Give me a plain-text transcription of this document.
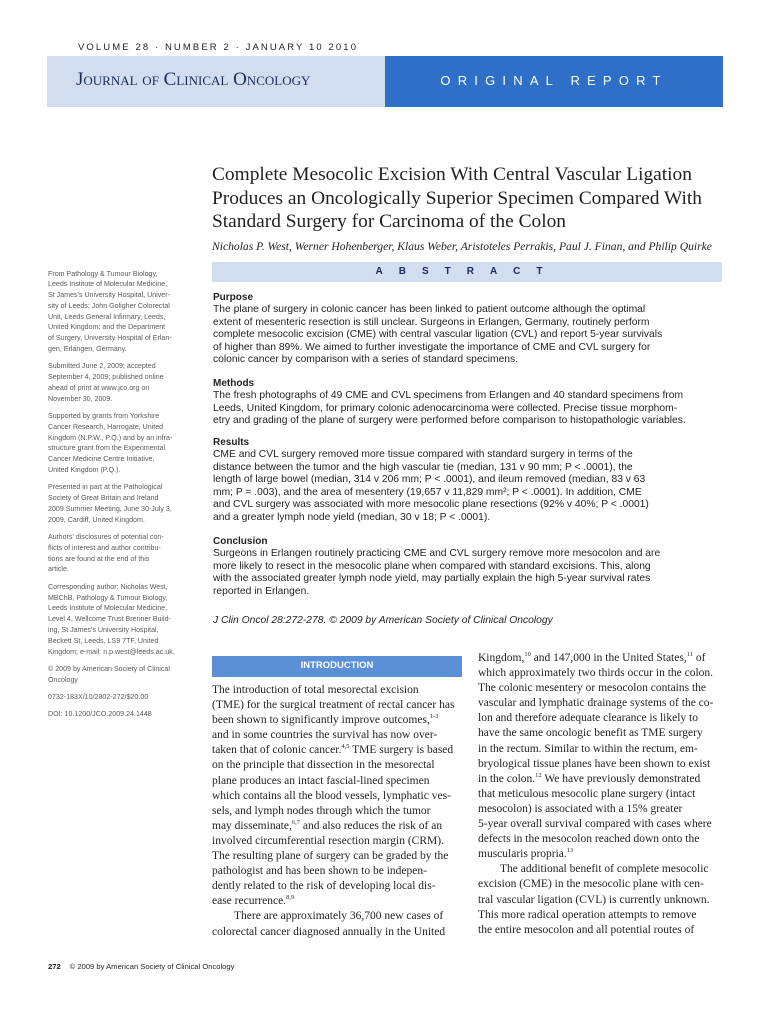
VOLUME 28 · NUMBER 2 · JANUARY 10 2010
Journal of Clinical Oncology	ORIGINAL REPORT
Complete Mesocolic Excision With Central Vascular Ligation
Produces an Oncologically Superior Specimen Compared With
Standard Surgery for Carcinoma of the Colon
Nicholas P. West, Werner Hohenberger, Klaus Weber, Aristoteles Perrakis, Paul J. Finan, and Philip Quirke

From Pathology & Tumour Biology,
Leeds Institute of Molecular Medicine,
St James's University Hospital, Univer-
sity of Leeds; John Goligher Colorectal
Unit, Leeds General Infirmary, Leeds,
United Kingdom; and the Department
of Surgery, University Hospital of Erlan-
gen, Erlangen, Germany.

Submitted June 2, 2009; accepted
September 4, 2009; published online
ahead of print at www.jco.org on
November 30, 2009.

Supported by grants from Yorkshire
Cancer Research, Harrogate, United
Kingdom (N.P.W., P.Q.) and by an infra-
structure grant from the Experimental
Cancer Medicine Centre Initiative,
United Kingdom (P.Q.).

Presented in part at the Pathological
Society of Great Britain and Ireland
2009 Summer Meeting, June 30-July 3,
2009, Cardiff, United Kingdom.

Authors' disclosures of potential con-
flicts of interest and author contribu-
tions are found at the end of this
article.

Corresponding author: Nicholas West,
MBChB, Pathology & Tumour Biology,
Leeds Institute of Molecular Medicine,
Level 4, Wellcome Trust Brenner Build-
ing, St James's University Hospital,
Beckett St, Leeds, LS9 7TF, United
Kingdom; e-mail: n.p.west@leeds.ac.uk.

© 2009 by American Society of Clinical
Oncology

0732-183X/10/2802-272/$20.00

DOI: 10.1200/JCO.2009.24.1448

ABSTRACT
Purpose
The plane of surgery in colonic cancer has been linked to patient outcome although the optimal
extent of mesenteric resection is still unclear. Surgeons in Erlangen, Germany, routinely perform
complete mesocolic excision (CME) with central vascular ligation (CVL) and report 5-year survivals
of higher than 89%. We aimed to further investigate the importance of CME and CVL surgery for
colonic cancer by comparison with a series of standard specimens.
Methods
The fresh photographs of 49 CME and CVL specimens from Erlangen and 40 standard specimens from
Leeds, United Kingdom, for primary colonic adenocarcinoma were collected. Precise tissue morphom-
etry and grading of the plane of surgery were performed before comparison to histopathologic variables.
Results
CME and CVL surgery removed more tissue compared with standard surgery in terms of the
distance between the tumor and the high vascular tie (median, 131 v 90 mm; P < .0001), the
length of large bowel (median, 314 v 206 mm; P < .0001), and ileum removed (median, 83 v 63
mm; P = .003), and the area of mesentery (19,657 v 11,829 mm²; P < .0001). In addition, CME
and CVL surgery was associated with more mesocolic plane resections (92% v 40%; P < .0001)
and a greater lymph node yield (median, 30 v 18; P < .0001).
Conclusion
Surgeons in Erlangen routinely practicing CME and CVL surgery remove more mesocolon and are
more likely to resect in the mesocolic plane when compared with standard excisions. This, along
with the associated greater lymph node yield, may partially explain the high 5-year survival rates
reported in Erlangen.
J Clin Oncol 28:272-278. © 2009 by American Society of Clinical Oncology
INTRODUCTION
The introduction of total mesorectal excision
(TME) for the surgical treatment of rectal cancer has
been shown to significantly improve outcomes,$^{1-3}$
and in some countries the survival has now over-
taken that of colonic cancer.$^{4,5}$ TME surgery is based
on the principle that dissection in the mesorectal
plane produces an intact fascial-lined specimen
which contains all the blood vessels, lymphatic ves-
sels, and lymph nodes through which the tumor
may disseminate,$^{6,7}$ and also reduces the risk of an
involved circumferential resection margin (CRM).
The resulting plane of surgery can be graded by the
pathologist and has been shown to be indepen-
dently related to the risk of developing local dis-
ease recurrence.$^{8,9}$
There are approximately 36,700 new cases of
colorectal cancer diagnosed annually in the United
Kingdom,$^{10}$ and 147,000 in the United States,$^{11}$ of
which approximately two thirds occur in the colon.
The colonic mesentery or mesocolon contains the
vascular and lymphatic drainage systems of the co-
lon and therefore adequate clearance is likely to
have the same oncologic benefit as TME surgery
in the rectum. Similar to within the rectum, em-
bryological tissue planes have been shown to exist
in the colon.$^{12}$ We have previously demonstrated
that meticulous mesocolic plane surgery (intact
mesocolon) is associated with a 15% greater
5-year overall survival compared with cases where
defects in the mesocolon reached down onto the
muscularis propria.$^{13}$
The additional benefit of complete mesocolic
excision (CME) in the mesocolic plane with cen-
tral vascular ligation (CVL) is currently unknown.
This more radical operation attempts to remove
the entire mesocolon and all potential routes of
272 © 2009 by American Society of Clinical Oncology
